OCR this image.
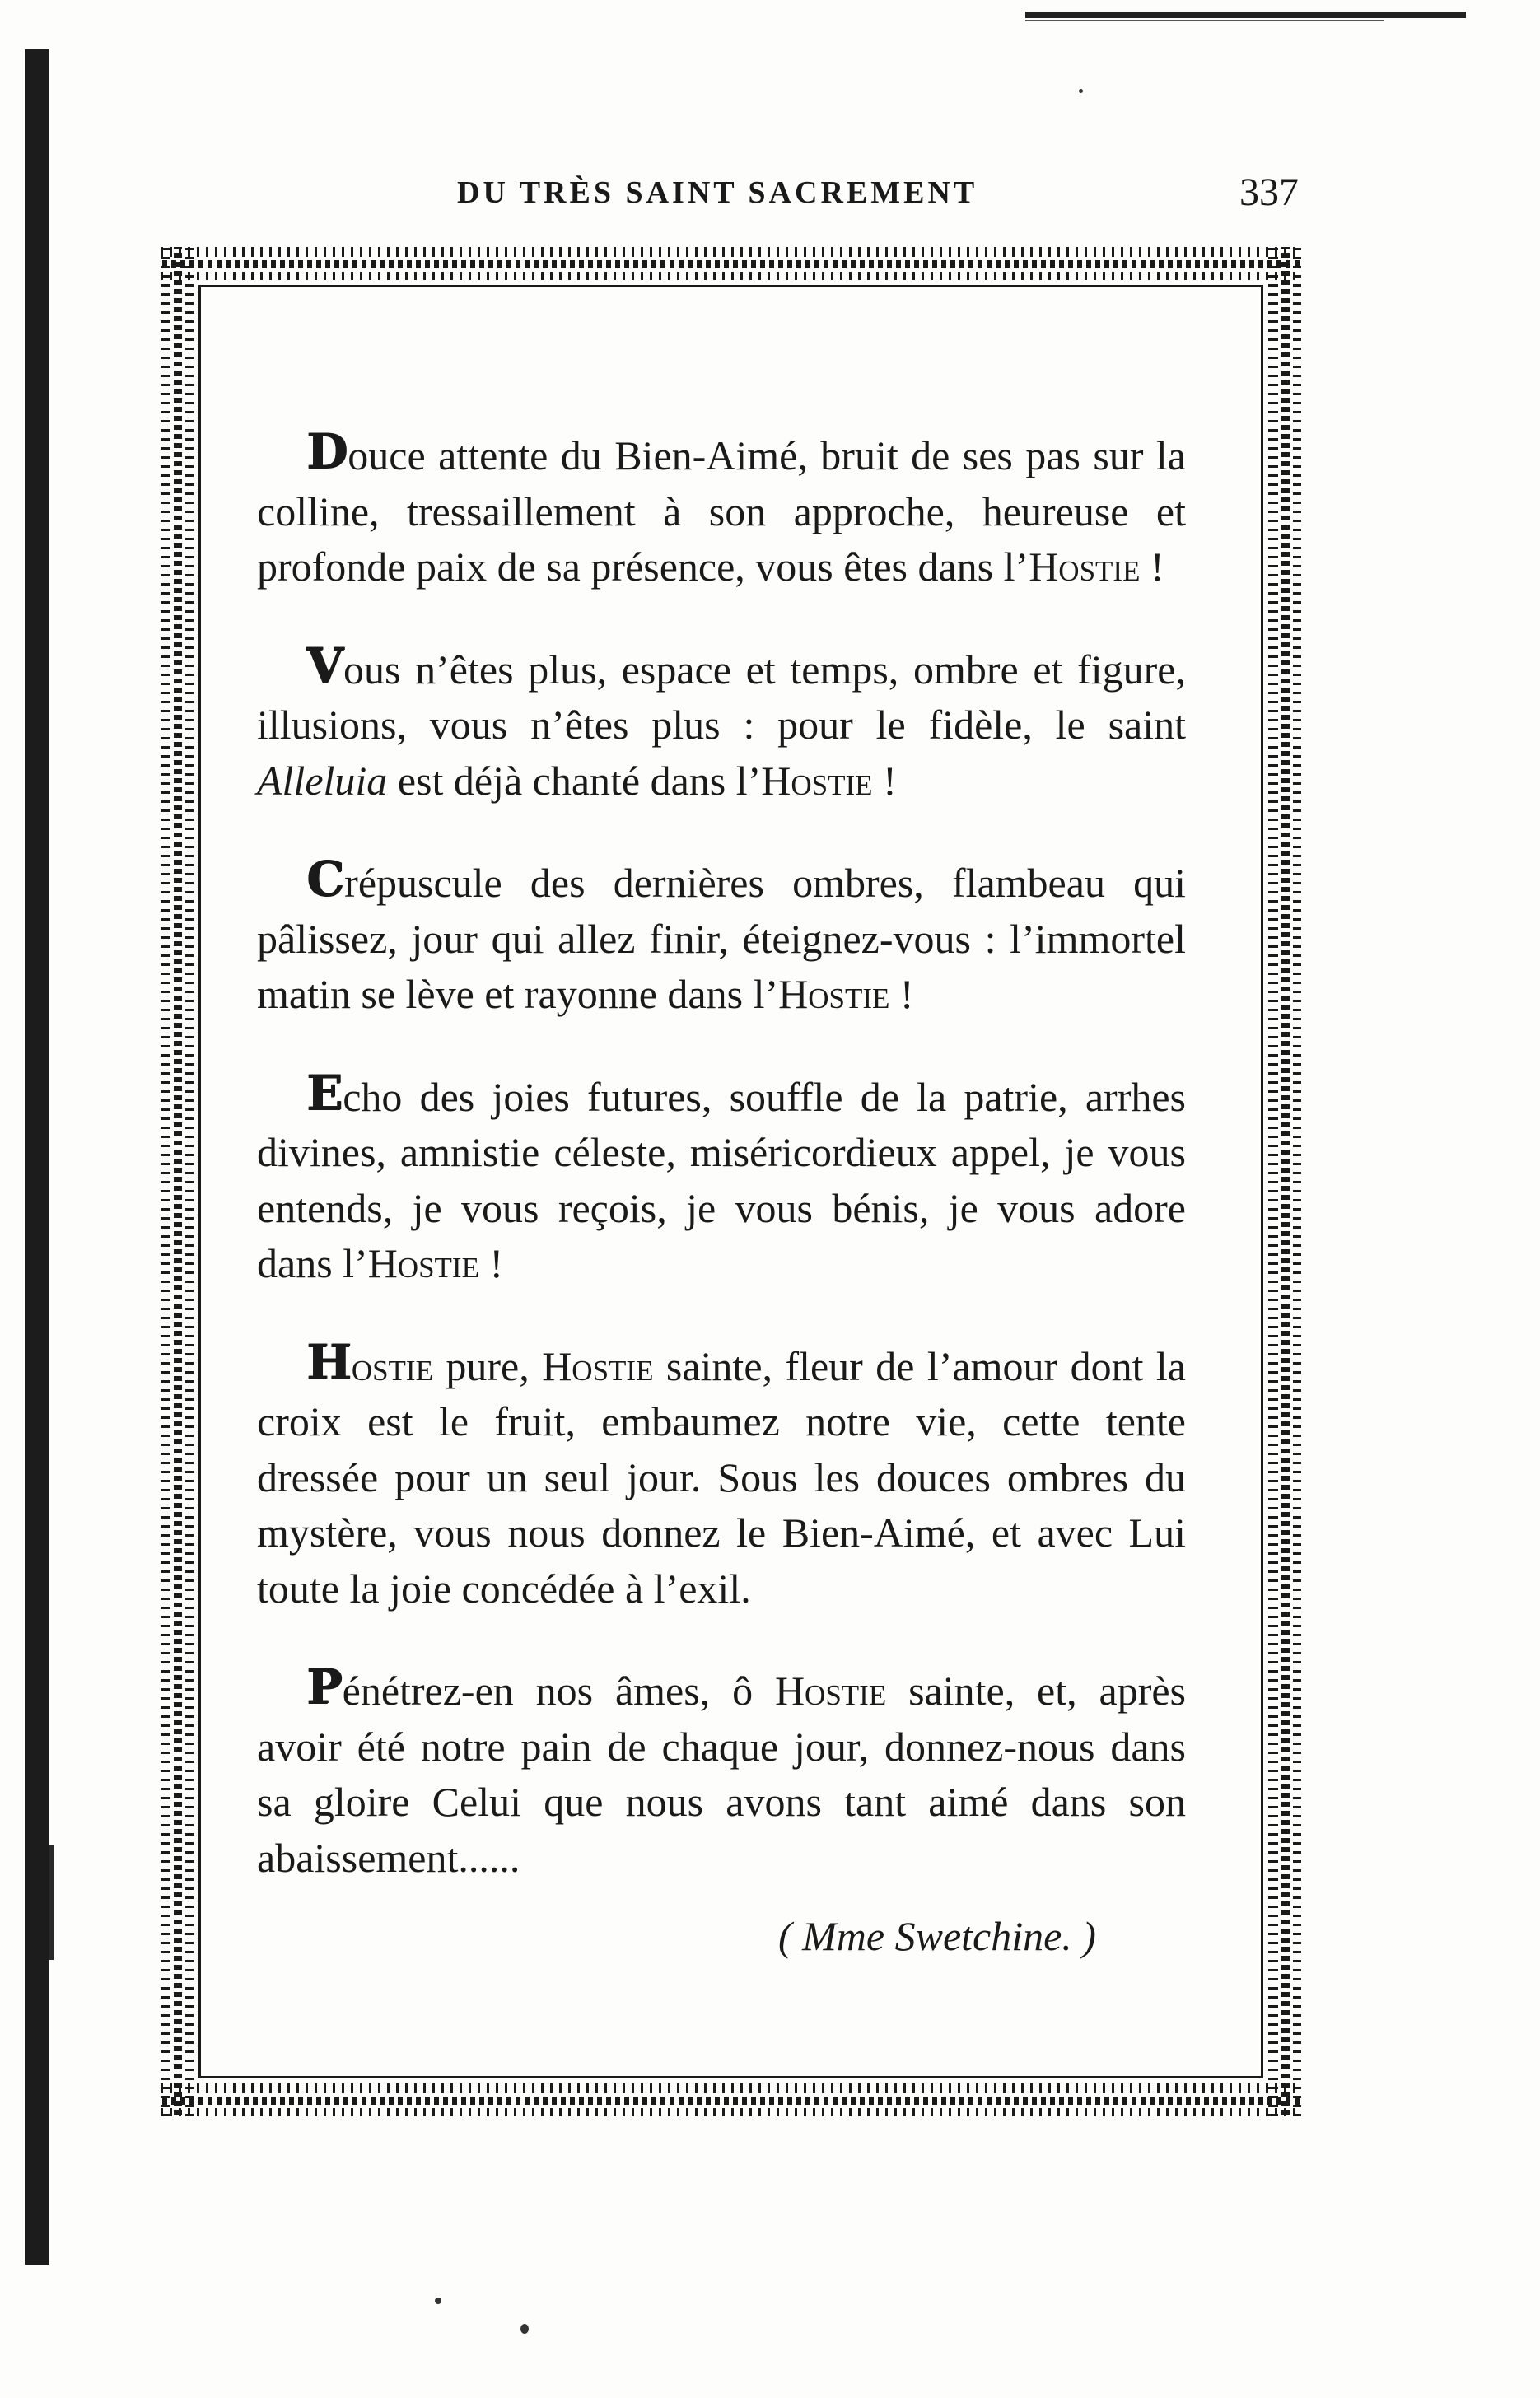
DU TRÈS SAINT SACREMENT	337

Douce attente du Bien-Aimé, bruit de ses pas sur la colline, tressaillement à son approche, heureuse et profonde paix de sa présence, vous êtes dans l’Hostie !

Vous n’êtes plus, espace et temps, ombre et figure, illusions, vous n’êtes plus : pour le fidèle, le saint Alleluia est déjà chanté dans l’Hostie !

Crépuscule des dernières ombres, flambeau qui pâlissez, jour qui allez finir, éteignez-vous : l’immortel matin se lève et rayonne dans l’Hostie !

Echo des joies futures, souffle de la patrie, arrhes divines, amnistie céleste, miséricordieux appel, je vous entends, je vous reçois, je vous bénis, je vous adore dans l’Hostie !

Hostie pure, Hostie sainte, fleur de l’amour dont la croix est le fruit, embaumez notre vie, cette tente dressée pour un seul jour. Sous les douces ombres du mystère, vous nous donnez le Bien-Aimé, et avec Lui toute la joie concédée à l’exil.

Pénétrez-en nos âmes, ô Hostie sainte, et, après avoir été notre pain de chaque jour, donnez-nous dans sa gloire Celui que nous avons tant aimé dans son abaissement......

( Mme Swetchine. )
